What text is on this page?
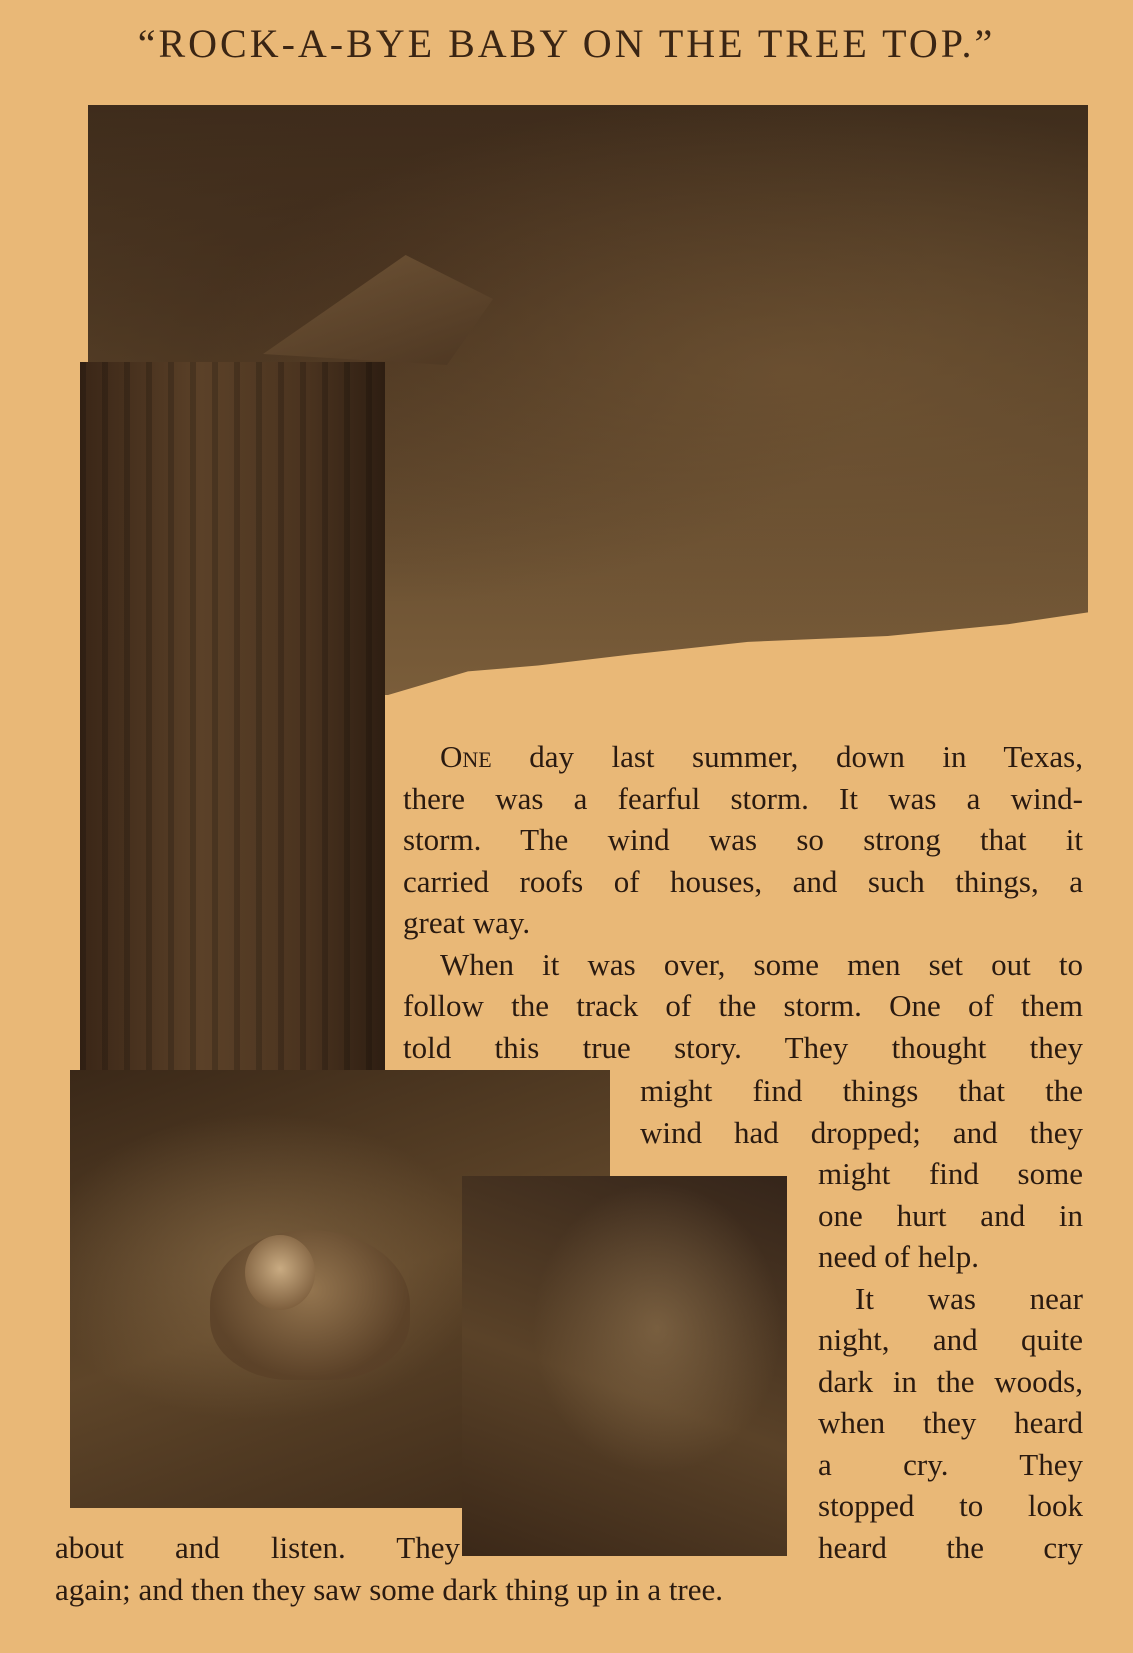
“ROCK-A-BYE BABY ON THE TREE TOP.”
One day last summer, down in Texas,
there was a fearful storm. It was a wind-
storm. The wind was so strong that it
carried roofs of houses, and such things, a
great way.
When it was over, some men set out to
follow the track of the storm. One of them
told this true story. They thought they
might find things that the
wind had dropped; and they
might find some
one hurt and in
need of help.
It was near
night, and quite
dark in the woods,
when they heard
a cry. They
stopped to look
about and listen. They	heard the cry
again; and then they saw some dark thing up in a tree.
